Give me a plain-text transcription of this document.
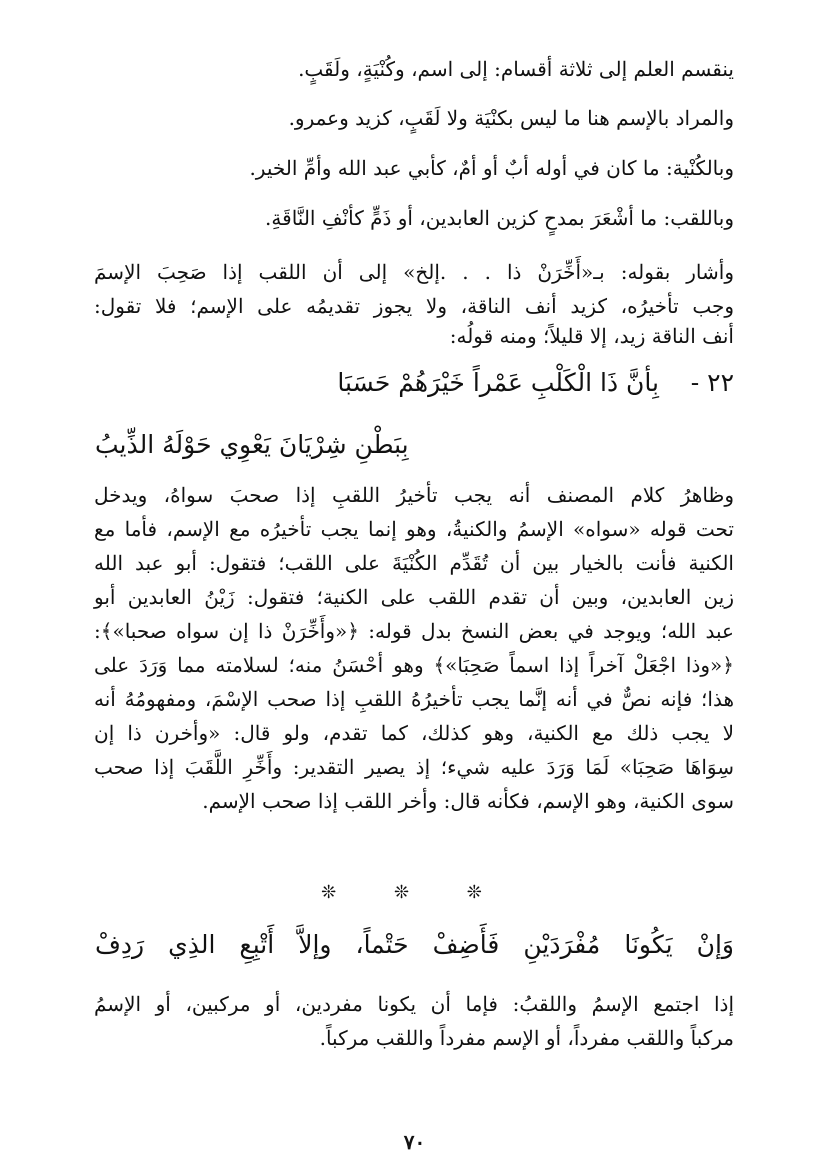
ينقسم العلم إلى ثلاثة أقسام: إلى اسم، وكُنْيَةٍ، ولَقَبٍ.
والمراد بالإسم هنا ما ليس بكنْيَة ولا لَقَبٍ، كزيد وعمرو.
وبالكُنْية: ما كان في أوله أبٌ أو أمٌ، كأبي عبد الله وأمِّ الخير.
وباللقب: ما أشْعَرَ بمدحٍ كزين العابدين، أو ذَمٍّ كأنْفِ النَّاقَةِ.
وأشار بقوله: بـ«أَخِّرَنْ ذا . . .إلخ» إلى أن اللقب إذا صَحِبَ الإسمَ
وجب تأخيرُه، كزيد أنف الناقة، ولا يجوز تقديمُه على الإسم؛ فلا تقول:
أنف الناقة زيد، إلا قليلاً؛ ومنه قولُه:
٢٢ -
بِأنَّ ذَا الْكَلْبِ عَمْراً خَيْرَهُمْ حَسَبَا
بِبَطْنِ شِرْيَانَ يَعْوِي حَوْلَهُ الذِّيبُ
وظاهرُ كلام المصنف أنه يجب تأخيرُ اللقبِ إذا صحبَ سواهُ، ويدخل
تحت قوله «سواه» الإسمُ والكنيةُ، وهو إنما يجب تأخيرُه مع الإسم، فأما مع
الكنية فأنت بالخيار بين أن تُقَدِّم الكُنْيَةَ على اللقب؛ فتقول: أبو عبد الله
زين العابدين، وبين أن تقدم اللقب على الكنية؛ فتقول: زَيْنُ العابدين أبو
عبد الله؛ ويوجد في بعض النسخ بدل قوله: ﴿«وأَخِّرَنْ ذا إن سواه صحبا»﴾:
﴿«وذا اجْعَلْ آخراً إذا اسماً صَحِبَا»﴾ وهو أحْسَنُ منه؛ لسلامته مما وَرَدَ على
هذا؛ فإنه نصٌّ في أنه إنَّما يجب تأخيرُهُ اللقبِ إذا صحب الإسْمَ، ومفهومُهُ أنه
لا يجب ذلك مع الكنية، وهو كذلك، كما تقدم، ولو قال: «وأخرن ذا إن
سِوَاهَا صَحِبَا» لَمَا وَرَدَ عليه شيء؛ إذ يصير التقدير: وأَخِّرِ اللَّقَبَ إذا صحب
سوى الكنية، وهو الإسم، فكأنه قال: وأخر اللقب إذا صحب الإسم.
❊ ❊ ❊
وَإنْ يَكُونَا مُفْرَدَيْنِ فَأَضِفْ حَتْماً، وإلاَّ أَتْبِعِ الذِي رَدِفْ
إذا اجتمع الإسمُ واللقبُ: فإما أن يكونا مفردين، أو مركبين، أو الإسمُ
مركباً واللقب مفرداً، أو الإسم مفرداً واللقب مركباً.
٧٠
